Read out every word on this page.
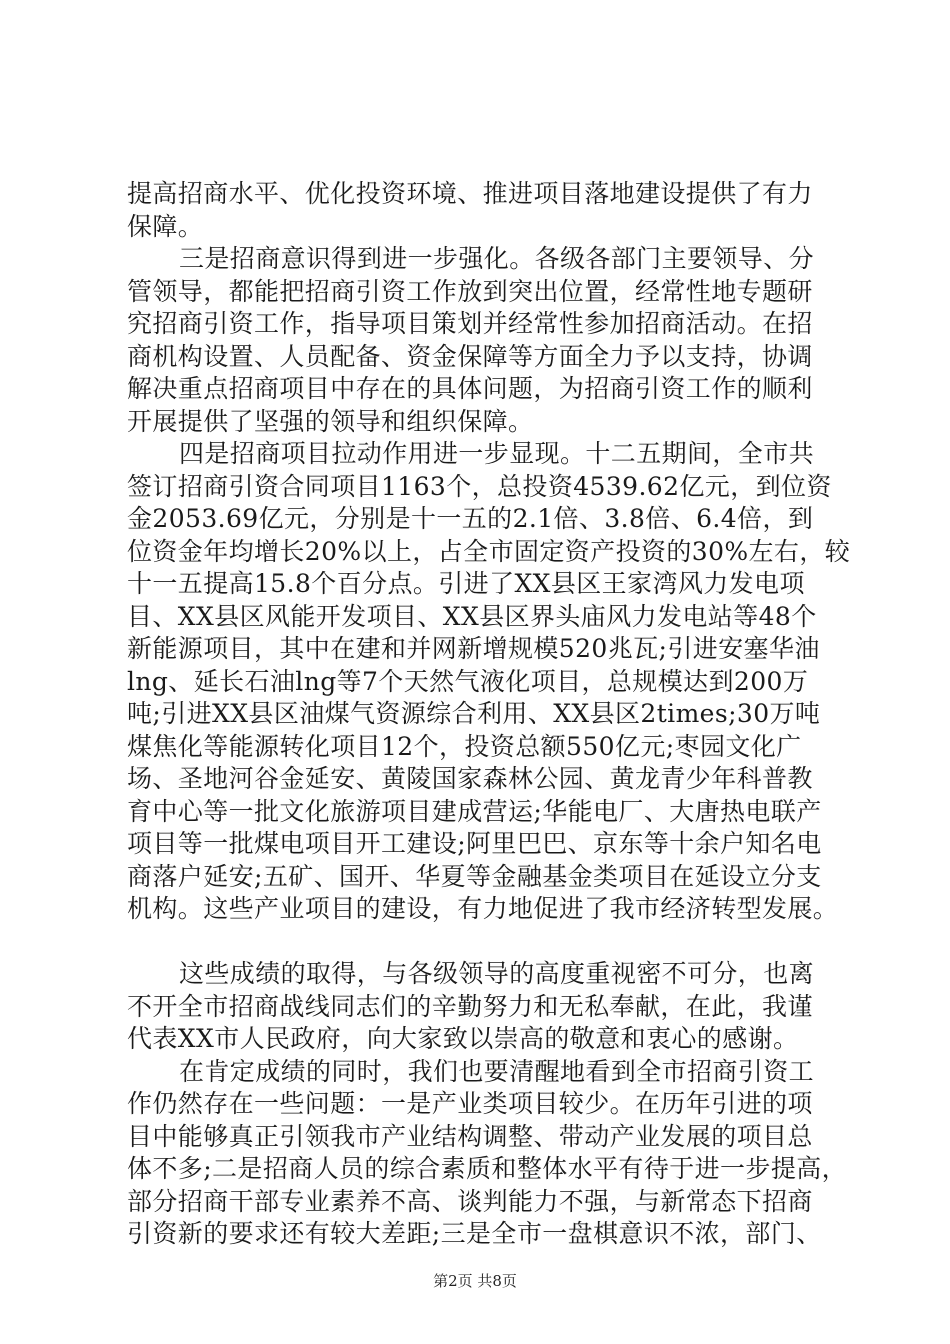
提高招商水平、优化投资环境、推进项目落地建设提供了有力
保障。
三是招商意识得到进一步强化。各级各部门主要领导、分
管领导，都能把招商引资工作放到突出位置，经常性地专题研
究招商引资工作，指导项目策划并经常性参加招商活动。在招
商机构设置、人员配备、资金保障等方面全力予以支持，协调
解决重点招商项目中存在的具体问题，为招商引资工作的顺利
开展提供了坚强的领导和组织保障。
四是招商项目拉动作用进一步显现。十二五期间，全市共
签订招商引资合同项目1163个，总投资4539.62亿元，到位资
金2053.69亿元，分别是十一五的2.1倍、3.8倍、6.4倍，到
位资金年均增长20%以上，占全市固定资产投资的30%左右，较
十一五提高15.8个百分点。引进了XX县区王家湾风力发电项
目、XX县区风能开发项目、XX县区界头庙风力发电站等48个
新能源项目，其中在建和并网新增规模520兆瓦;引进安塞华油
lng、延长石油lng等7个天然气液化项目，总规模达到200万
吨;引进XX县区油煤气资源综合利用、XX县区2times;30万吨
煤焦化等能源转化项目12个，投资总额550亿元;枣园文化广
场、圣地河谷金延安、黄陵国家森林公园、黄龙青少年科普教
育中心等一批文化旅游项目建成营运;华能电厂、大唐热电联产
项目等一批煤电项目开工建设;阿里巴巴、京东等十余户知名电
商落户延安;五矿、国开、华夏等金融基金类项目在延设立分支
机构。这些产业项目的建设，有力地促进了我市经济转型发展。
这些成绩的取得，与各级领导的高度重视密不可分，也离
不开全市招商战线同志们的辛勤努力和无私奉献，在此，我谨
代表XX市人民政府，向大家致以崇高的敬意和衷心的感谢。
在肯定成绩的同时，我们也要清醒地看到全市招商引资工
作仍然存在一些问题：一是产业类项目较少。在历年引进的项
目中能够真正引领我市产业结构调整、带动产业发展的项目总
体不多;二是招商人员的综合素质和整体水平有待于进一步提高，
部分招商干部专业素养不高、谈判能力不强，与新常态下招商
引资新的要求还有较大差距;三是全市一盘棋意识不浓，部门、
第2页 共8页
